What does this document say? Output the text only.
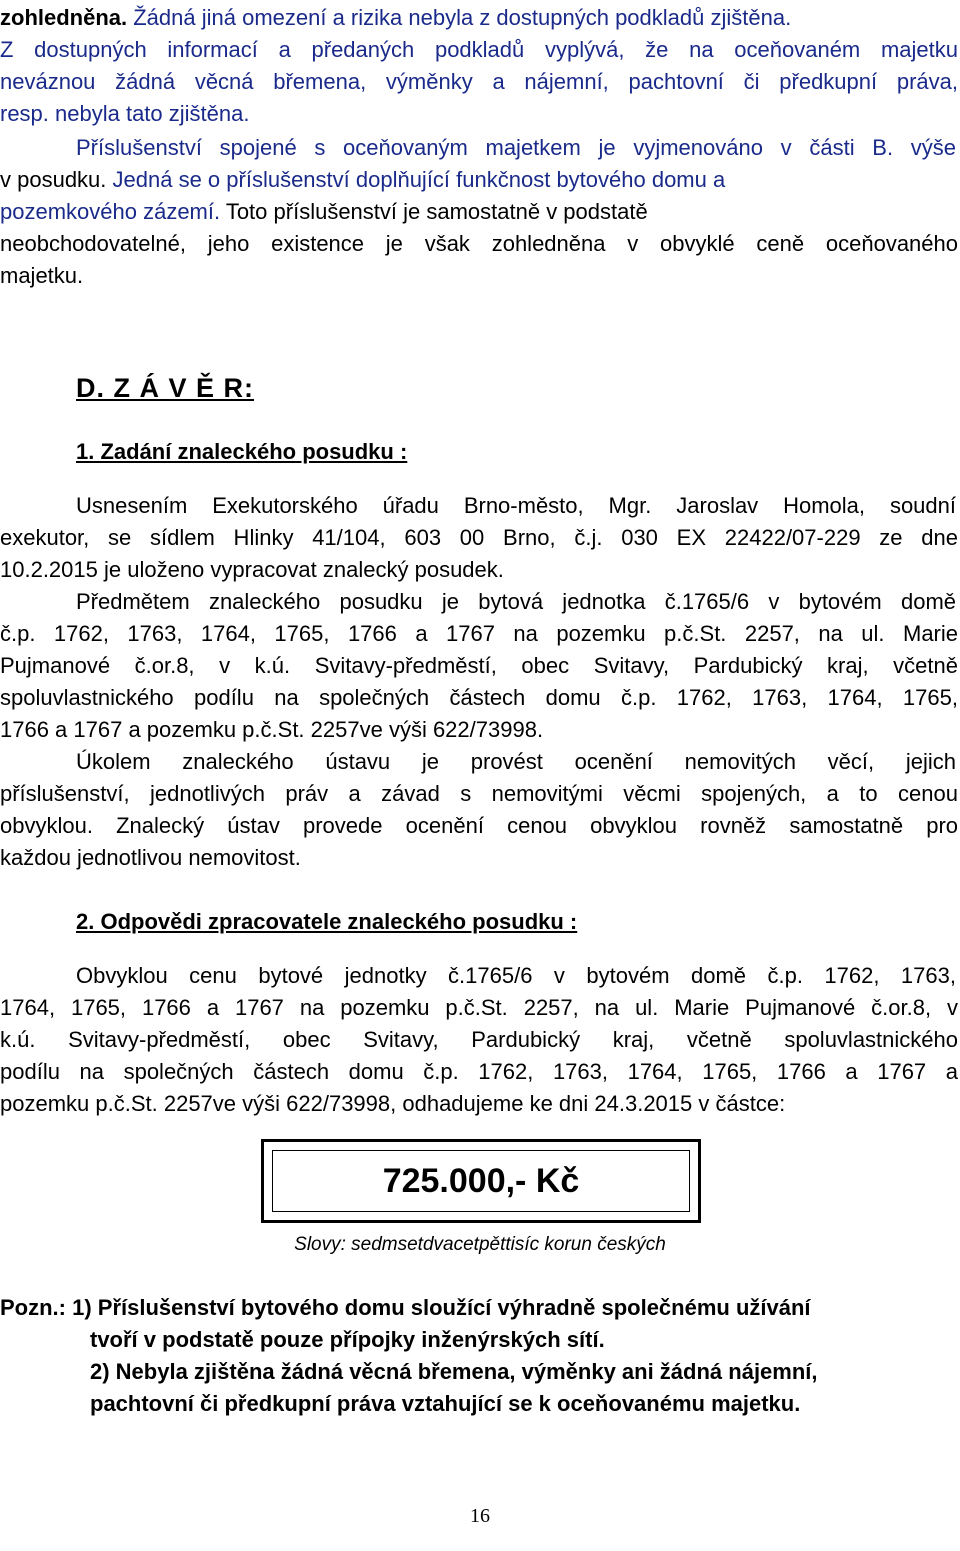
zohledněna. Žádná jiná omezení a rizika nebyla z dostupných podkladů zjištěna.
Z dostupných informací a předaných podkladů vyplývá, že na oceňovaném majetku
neváznou žádná věcná břemena, výměnky a nájemní, pachtovní či předkupní práva,
resp. nebyla tato zjištěna.
Příslušenství spojené s oceňovaným majetkem je vyjmenováno v části B. výše
v posudku. Jedná se o příslušenství doplňující funkčnost bytového domu a
pozemkového zázemí. Toto příslušenství je samostatně v podstatě
neobchodovatelné, jeho existence je však zohledněna v obvyklé ceně oceňovaného
majetku.
D. Z Á V Ě R:
1. Zadání znaleckého posudku :
Usnesením Exekutorského úřadu Brno-město, Mgr. Jaroslav Homola, soudní
exekutor, se sídlem Hlinky 41/104, 603 00 Brno, č.j. 030 EX 22422/07-229 ze dne
10.2.2015 je uloženo vypracovat znalecký posudek.
Předmětem znaleckého posudku je bytová jednotka č.1765/6 v bytovém domě
č.p. 1762, 1763, 1764, 1765, 1766 a 1767 na pozemku p.č.St. 2257, na ul. Marie
Pujmanové č.or.8, v k.ú. Svitavy-předměstí, obec Svitavy, Pardubický kraj, včetně
spoluvlastnického podílu na společných částech domu č.p. 1762, 1763, 1764, 1765,
1766 a 1767 a pozemku p.č.St. 2257ve výši 622/73998.
Úkolem znaleckého ústavu je provést ocenění nemovitých věcí, jejich
příslušenství, jednotlivých práv a závad s nemovitými věcmi spojených, a to cenou
obvyklou. Znalecký ústav provede ocenění cenou obvyklou rovněž samostatně pro
každou jednotlivou nemovitost.
2. Odpovědi zpracovatele znaleckého posudku :
Obvyklou cenu bytové jednotky č.1765/6 v bytovém domě č.p. 1762, 1763,
1764, 1765, 1766 a 1767 na pozemku p.č.St. 2257, na ul. Marie Pujmanové č.or.8, v
k.ú. Svitavy-předměstí, obec Svitavy, Pardubický kraj, včetně spoluvlastnického
podílu na společných částech domu č.p. 1762, 1763, 1764, 1765, 1766 a 1767 a
pozemku p.č.St. 2257ve výši 622/73998, odhadujeme ke dni 24.3.2015 v částce:
725.000,- Kč
Slovy: sedmsetdvacetpěttisíc korun českých
Pozn.: 1) Příslušenství bytového domu sloužící výhradně společnému užívání
tvoří v podstatě pouze přípojky inženýrských sítí.
2) Nebyla zjištěna žádná věcná břemena, výměnky ani žádná nájemní,
pachtovní či předkupní práva vztahující se k oceňovanému majetku.
16
